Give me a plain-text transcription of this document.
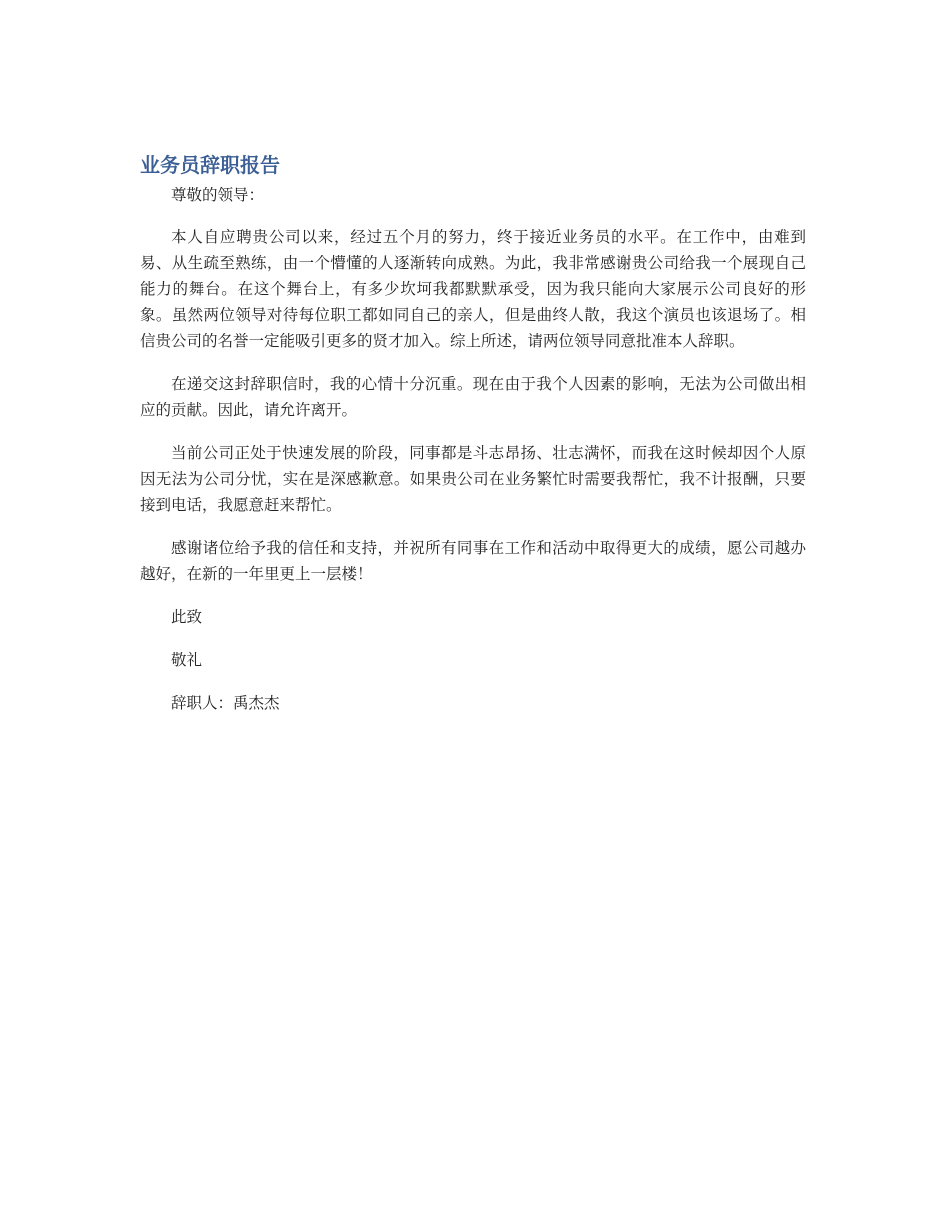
业务员辞职报告

尊敬的领导：

本人自应聘贵公司以来，经过五个月的努力，终于接近业务员的水平。在工作中，由难到易、从生疏至熟练，由一个懵懂的人逐渐转向成熟。为此，我非常感谢贵公司给我一个展现自己能力的舞台。在这个舞台上，有多少坎坷我都默默承受，因为我只能向大家展示公司良好的形象。虽然两位领导对待每位职工都如同自己的亲人，但是曲终人散，我这个演员也该退场了。相信贵公司的名誉一定能吸引更多的贤才加入。综上所述，请两位领导同意批准本人辞职。

在递交这封辞职信时，我的心情十分沉重。现在由于我个人因素的影响，无法为公司做出相应的贡献。因此，请允许离开。

当前公司正处于快速发展的阶段，同事都是斗志昂扬、壮志满怀，而我在这时候却因个人原因无法为公司分忧，实在是深感歉意。如果贵公司在业务繁忙时需要我帮忙，我不计报酬，只要接到电话，我愿意赶来帮忙。

感谢诸位给予我的信任和支持，并祝所有同事在工作和活动中取得更大的成绩，愿公司越办越好，在新的一年里更上一层楼！

此致

敬礼

辞职人：禹杰杰
